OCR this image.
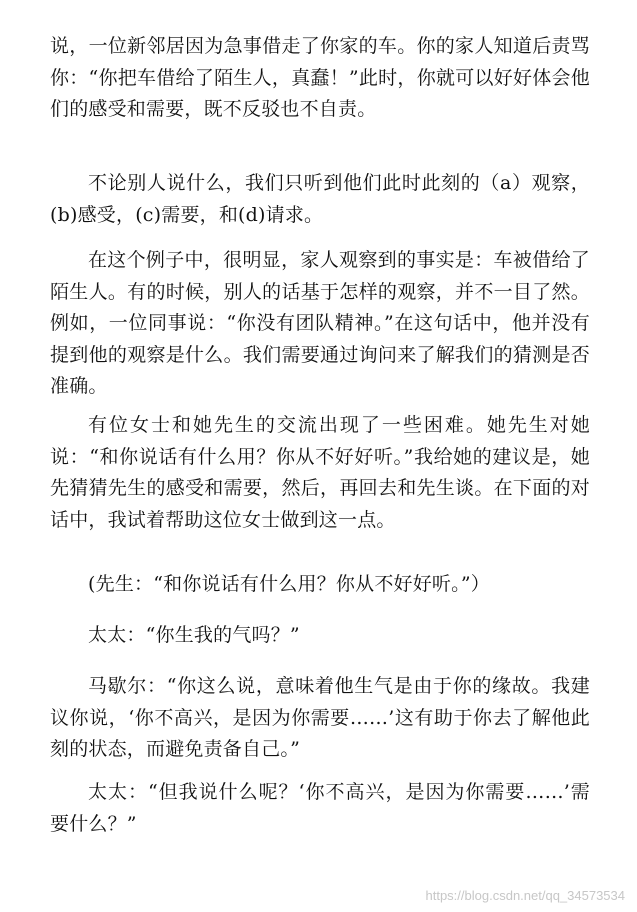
说，一位新邻居因为急事借走了你家的车。你的家人知道后责骂你：“你把车借给了陌生人，真蠢！”此时，你就可以好好体会他们的感受和需要，既不反驳也不自责。

不论别人说什么，我们只听到他们此时此刻的（a）观察，(b)感受，(c)需要，和(d)请求。

在这个例子中，很明显，家人观察到的事实是：车被借给了陌生人。有的时候，别人的话基于怎样的观察，并不一目了然。例如，一位同事说：“你没有团队精神。”在这句话中，他并没有提到他的观察是什么。我们需要通过询问来了解我们的猜测是否准确。

有位女士和她先生的交流出现了一些困难。她先生对她说：“和你说话有什么用？你从不好好听。”我给她的建议是，她先猜猜先生的感受和需要，然后，再回去和先生谈。在下面的对话中，我试着帮助这位女士做到这一点。

(先生：“和你说话有什么用？你从不好好听。”）

太太：“你生我的气吗？”

马歇尔：“你这么说，意味着他生气是由于你的缘故。我建议你说，‘你不高兴，是因为你需要……’这有助于你去了解他此刻的状态，而避免责备自己。”

太太：“但我说什么呢？‘你不高兴，是因为你需要……’需要什么？”

https://blog.csdn.net/qq_34573534
